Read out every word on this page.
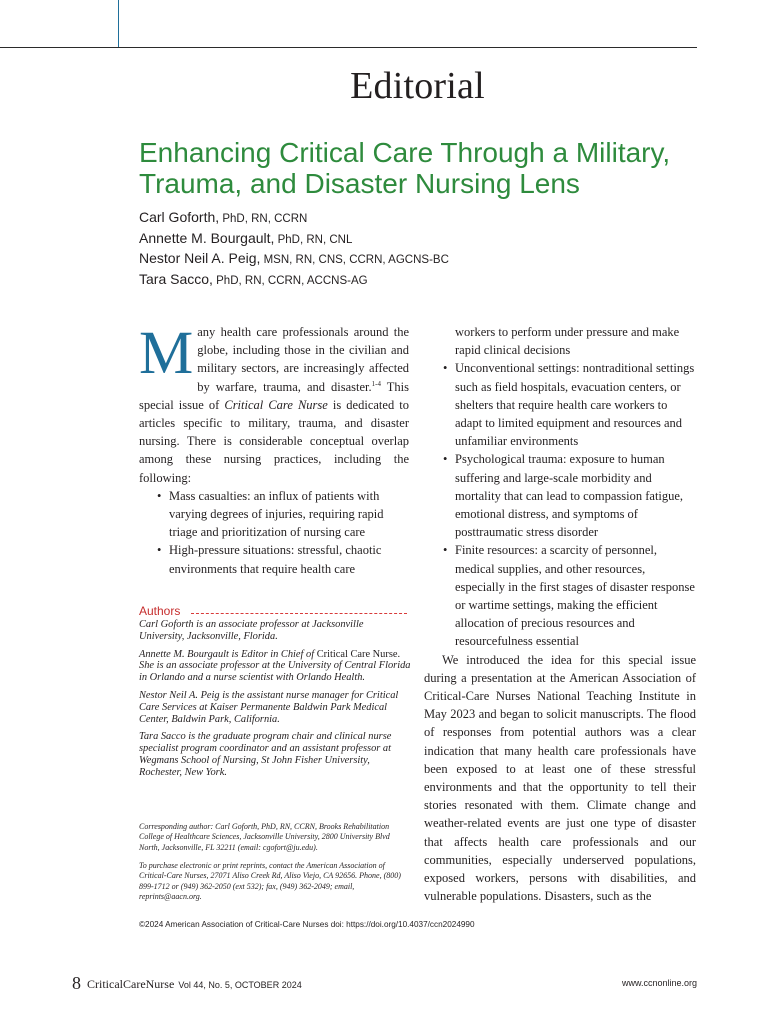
Editorial
Enhancing Critical Care Through a Military, Trauma, and Disaster Nursing Lens
Carl Goforth, PhD, RN, CCRN
Annette M. Bourgault, PhD, RN, CNL
Nestor Neil A. Peig, MSN, RN, CNS, CCRN, AGCNS-BC
Tara Sacco, PhD, RN, CCRN, ACCNS-AG

Many health care professionals around the globe, including those in the civilian and military sectors, are increasingly affected by warfare, trauma, and disaster.$^{1-4}$ This special issue of Critical Care Nurse is dedicated to articles specific to military, trauma, and disaster nursing. There is considerable conceptual overlap among these nursing practices, including the following:

• Mass casualties: an influx of patients with varying degrees of injuries, requiring rapid triage and prioritization of nursing care
• High-pressure situations: stressful, chaotic environments that require health care

workers to perform under pressure and make rapid clinical decisions

• Unconventional settings: nontraditional settings such as field hospitals, evacuation centers, or shelters that require health care workers to adapt to limited equipment and resources and unfamiliar environments
• Psychological trauma: exposure to human suffering and large-scale morbidity and mortality that can lead to compassion fatigue, emotional distress, and symptoms of posttraumatic stress disorder
• Finite resources: a scarcity of personnel, medical supplies, and other resources, especially in the first stages of disaster response or wartime settings, making the efficient allocation of precious resources and resourcefulness essential

We introduced the idea for this special issue during a presentation at the American Association of Critical-Care Nurses National Teaching Institute in May 2023 and began to solicit manuscripts. The flood of responses from potential authors was a clear indication that many health care professionals have been exposed to at least one of these stressful environments and that the opportunity to tell their stories resonated with them. Climate change and weather-related events are just one type of disaster that affects health care professionals and our communities, especially underserved populations, exposed workers, persons with disabilities, and vulnerable populations. Disasters, such as the

Authors

Carl Goforth is an associate professor at Jacksonville University, Jacksonville, Florida.

Annette M. Bourgault is Editor in Chief of Critical Care Nurse. She is an associate professor at the University of Central Florida in Orlando and a nurse scientist with Orlando Health.

Nestor Neil A. Peig is the assistant nurse manager for Critical Care Services at Kaiser Permanente Baldwin Park Medical Center, Baldwin Park, California.

Tara Sacco is the graduate program chair and clinical nurse specialist program coordinator and an assistant professor at Wegmans School of Nursing, St John Fisher University, Rochester, New York.

Corresponding author: Carl Goforth, PhD, RN, CCRN, Brooks Rehabilitation College of Healthcare Sciences, Jacksonville University, 2800 University Blvd North, Jacksonville, FL 32211 (email: cgofort@ju.edu).

To purchase electronic or print reprints, contact the American Association of Critical-Care Nurses, 27071 Aliso Creek Rd, Aliso Viejo, CA 92656. Phone, (800) 899-1712 or (949) 362-2050 (ext 532); fax, (949) 362-2049; email, reprints@aacn.org.

©2024 American Association of Critical-Care Nurses doi: https://doi.org/10.4037/ccn2024990
8 CriticalCareNurse Vol 44, No. 5, OCTOBER 2024	www.ccnonline.org
